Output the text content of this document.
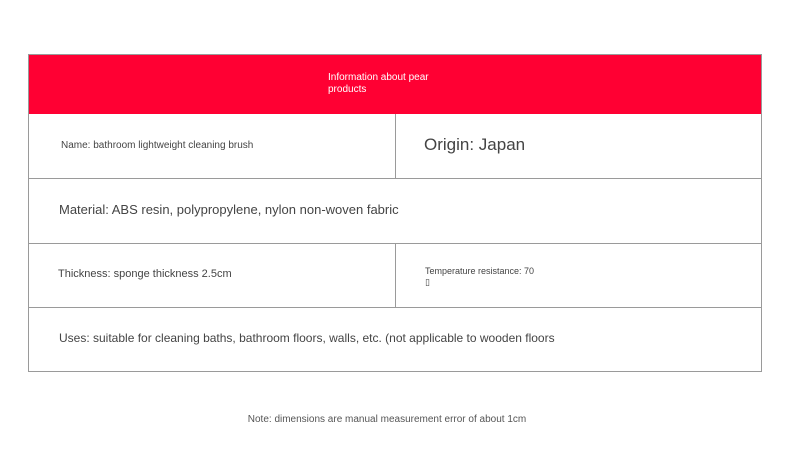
Information about pear products
Name: bathroom lightweight cleaning brush	Origin: Japan
Material: ABS resin, polypropylene, nylon non-woven fabric
Thickness: sponge thickness 2.5cm	Temperature resistance: 70
▯
Uses: suitable for cleaning baths, bathroom floors, walls, etc. (not applicable to wooden floors
Note: dimensions are manual measurement error of about 1cm
